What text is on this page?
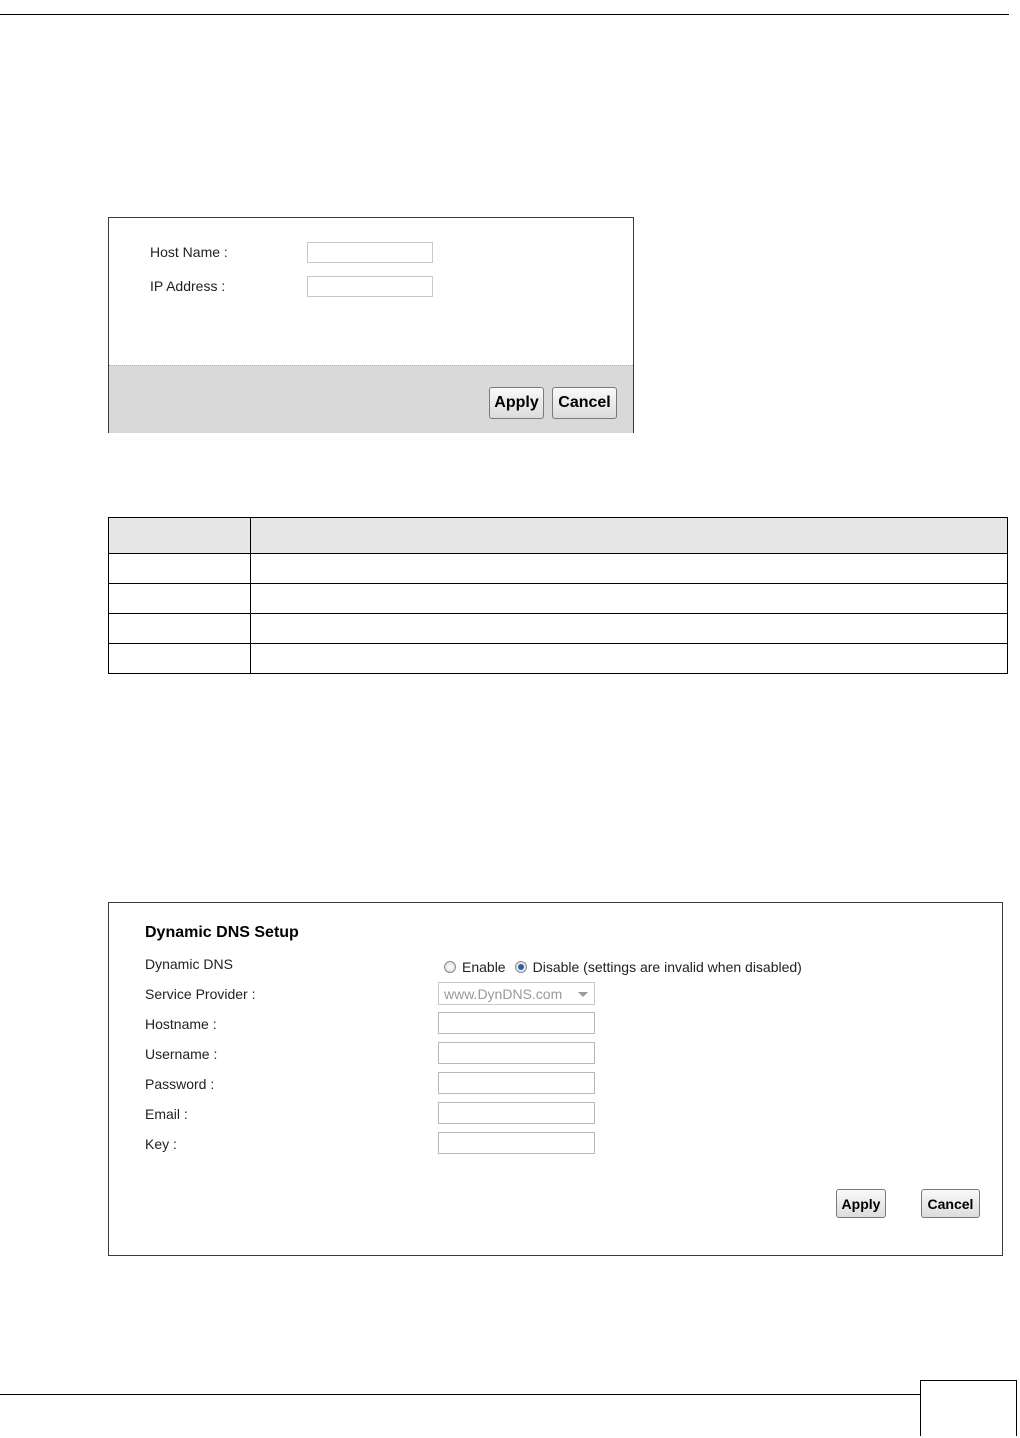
Host Name :
IP Address :
Apply	Cancel

Dynamic DNS Setup
Dynamic DNS	Enable Disable (settings are invalid when disabled)
Service Provider :	www.DynDNS.com
Hostname :
Username :
Password :
Email :
Key :
Apply	Cancel
